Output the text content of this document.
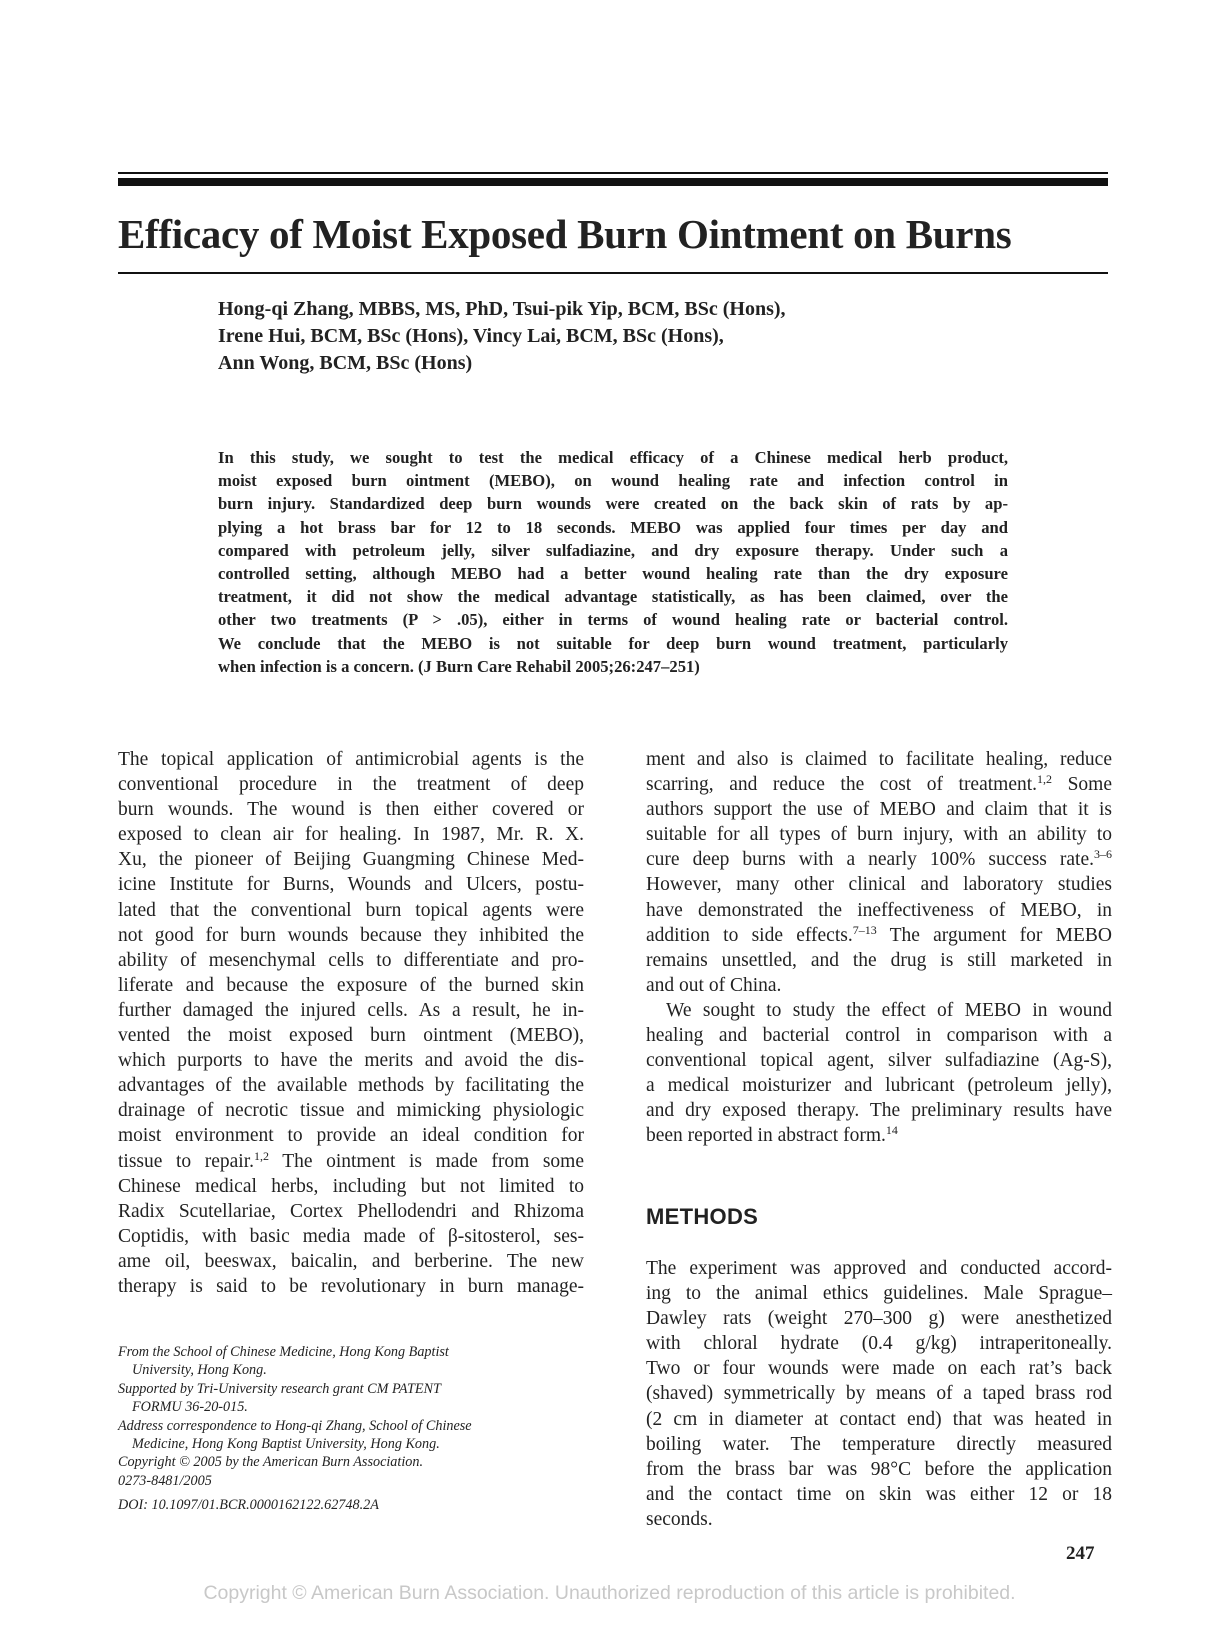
Efficacy of Moist Exposed Burn Ointment on Burns
Hong-qi Zhang, MBBS, MS, PhD, Tsui-pik Yip, BCM, BSc (Hons),
Irene Hui, BCM, BSc (Hons), Vincy Lai, BCM, BSc (Hons),
Ann Wong, BCM, BSc (Hons)
In this study, we sought to test the medical efficacy of a Chinese medical herb product,
moist exposed burn ointment (MEBO), on wound healing rate and infection control in
burn injury. Standardized deep burn wounds were created on the back skin of rats by ap-
plying a hot brass bar for 12 to 18 seconds. MEBO was applied four times per day and
compared with petroleum jelly, silver sulfadiazine, and dry exposure therapy. Under such a
controlled setting, although MEBO had a better wound healing rate than the dry exposure
treatment, it did not show the medical advantage statistically, as has been claimed, over the
other two treatments (P > .05), either in terms of wound healing rate or bacterial control.
We conclude that the MEBO is not suitable for deep burn wound treatment, particularly
when infection is a concern. (J Burn Care Rehabil 2005;26:247–251)
The topical application of antimicrobial agents is the
conventional procedure in the treatment of deep
burn wounds. The wound is then either covered or
exposed to clean air for healing. In 1987, Mr. R. X.
Xu, the pioneer of Beijing Guangming Chinese Med-
icine Institute for Burns, Wounds and Ulcers, postu-
lated that the conventional burn topical agents were
not good for burn wounds because they inhibited the
ability of mesenchymal cells to differentiate and pro-
liferate and because the exposure of the burned skin
further damaged the injured cells. As a result, he in-
vented the moist exposed burn ointment (MEBO),
which purports to have the merits and avoid the dis-
advantages of the available methods by facilitating the
drainage of necrotic tissue and mimicking physiologic
moist environment to provide an ideal condition for
tissue to repair.$^{1,2}$ The ointment is made from some
Chinese medical herbs, including but not limited to
Radix Scutellariae, Cortex Phellodendri and Rhizoma
Coptidis, with basic media made of β-sitosterol, ses-
ame oil, beeswax, baicalin, and berberine. The new
therapy is said to be revolutionary in burn manage-
ment and also is claimed to facilitate healing, reduce
scarring, and reduce the cost of treatment.$^{1,2}$ Some
authors support the use of MEBO and claim that it is
suitable for all types of burn injury, with an ability to
cure deep burns with a nearly 100% success rate.$^{3-6}$
However, many other clinical and laboratory studies
have demonstrated the ineffectiveness of MEBO, in
addition to side effects.$^{7-13}$ The argument for MEBO
remains unsettled, and the drug is still marketed in
and out of China.
We sought to study the effect of MEBO in wound
healing and bacterial control in comparison with a
conventional topical agent, silver sulfadiazine (Ag-S),
a medical moisturizer and lubricant (petroleum jelly),
and dry exposed therapy. The preliminary results have
been reported in abstract form.$^{14}$
METHODS
The experiment was approved and conducted accord-
ing to the animal ethics guidelines. Male Sprague–
Dawley rats (weight 270–300 g) were anesthetized
with chloral hydrate (0.4 g/kg) intraperitoneally.
Two or four wounds were made on each rat’s back
(shaved) symmetrically by means of a taped brass rod
(2 cm in diameter at contact end) that was heated in
boiling water. The temperature directly measured
from the brass bar was 98°C before the application
and the contact time on skin was either 12 or 18
seconds.
From the School of Chinese Medicine, Hong Kong Baptist
University, Hong Kong.
Supported by Tri-University research grant CM PATENT
FORMU 36-20-015.
Address correspondence to Hong-qi Zhang, School of Chinese
Medicine, Hong Kong Baptist University, Hong Kong.
Copyright © 2005 by the American Burn Association.
0273-8481/2005
DOI: 10.1097/01.BCR.0000162122.62748.2A
247
Copyright © American Burn Association. Unauthorized reproduction of this article is prohibited.
